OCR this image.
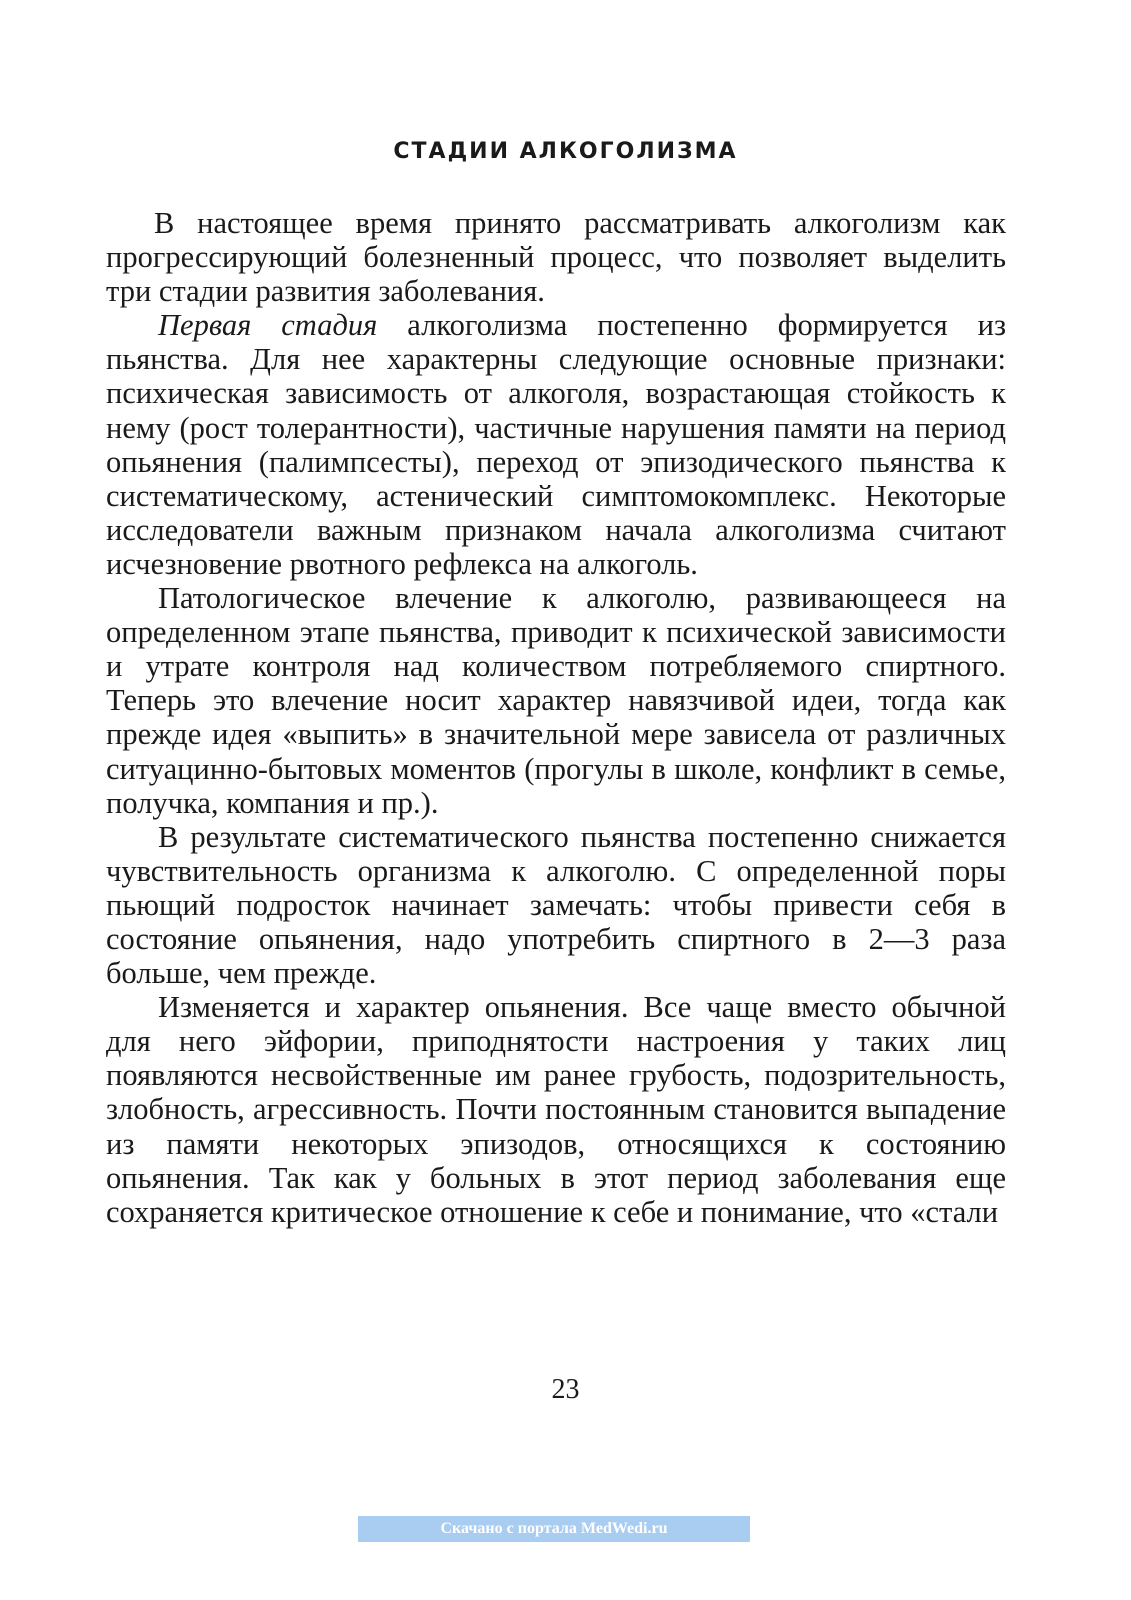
СТАДИИ АЛКОГОЛИЗМА

В настоящее время принято рассматривать алкоголизм как прогрессирующий болезненный процесс, что позволяет выделить три стадии развития заболевания.

Первая стадия алкоголизма постепенно формируется из пьянства. Для нее характерны следующие основные признаки: психическая зависимость от алкоголя, возрастающая стойкость к нему (рост толерантности), частичные нарушения памяти на период опьянения (палимпсесты), переход от эпизодического пьянства к систематическому, астенический симптомокомплекс. Некоторые исследователи важным признаком начала алкоголизма считают исчезновение рвотного рефлекса на алкоголь.

Патологическое влечение к алкоголю, развивающееся на определенном этапе пьянства, приводит к психической зависимости и утрате контроля над количеством потребляемого спиртного. Теперь это влечение носит характер навязчивой идеи, тогда как прежде идея «выпить» в значительной мере зависела от различных ситуацинно-бытовых моментов (прогулы в школе, конфликт в семье, получка, компания и пр.).

В результате систематического пьянства постепенно снижается чувствительность организма к алкоголю. С определенной поры пьющий подросток начинает замечать: чтобы привести себя в состояние опьянения, надо употребить спиртного в 2—3 раза больше, чем прежде.

Изменяется и характер опьянения. Все чаще вместо обычной для него эйфории, приподнятости настроения у таких лиц появляются несвойственные им ранее грубость, подозрительность, злобность, агрессивность. Почти постоянным становится выпадение из памяти некоторых эпизодов, относящихся к состоянию опьянения. Так как у больных в этот период заболевания еще сохраняется критическое отношение к себе и понимание, что «стали

23
Скачано с портала MedWedi.ru
